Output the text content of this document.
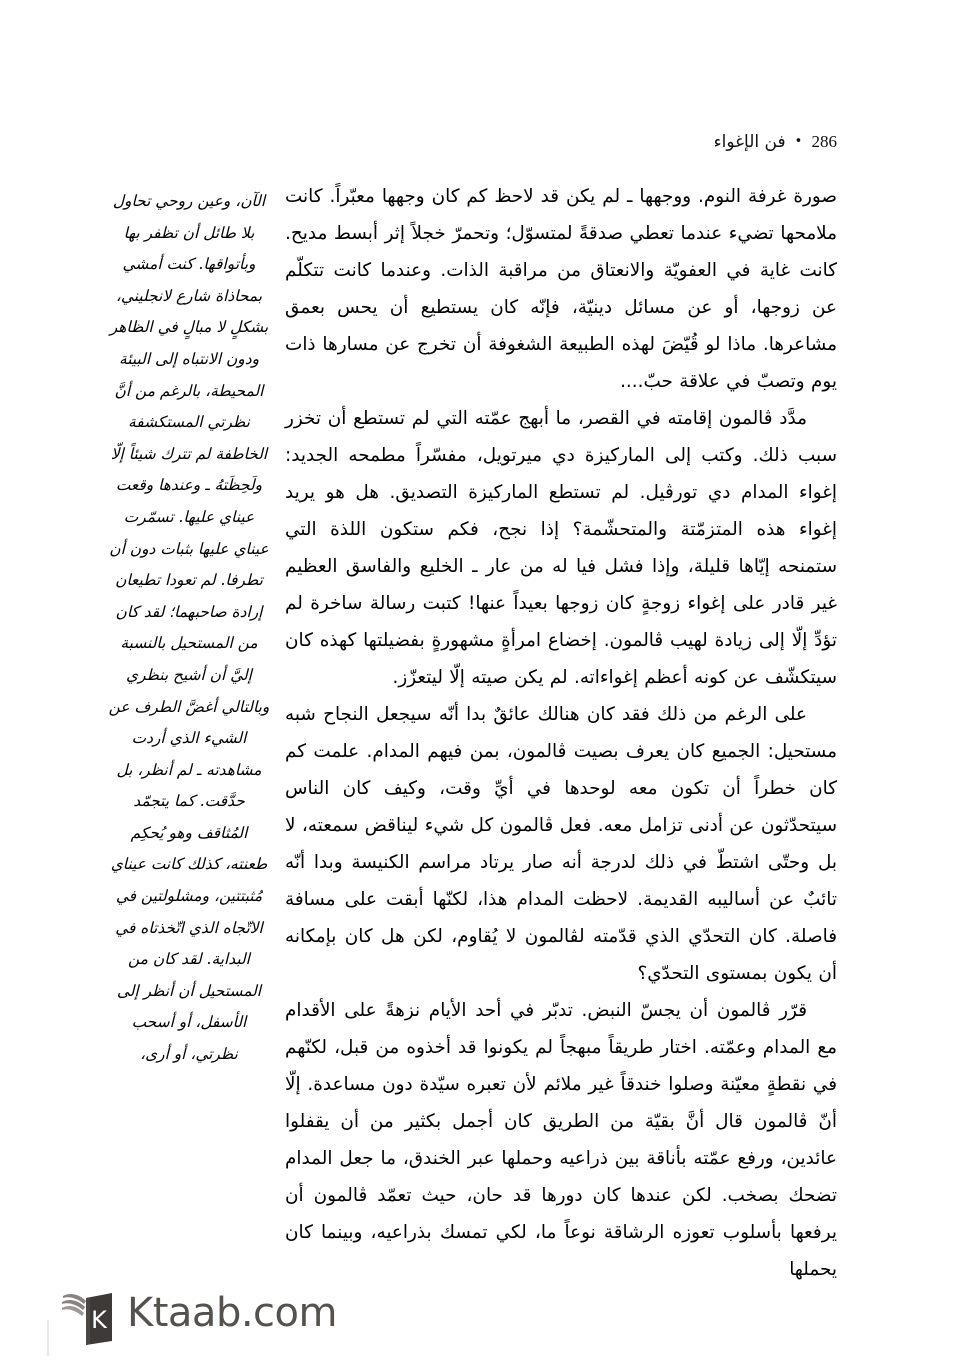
286•فن الإغواء

صورة غرفة النوم. ووجهها ـ لم يكن قد لاحظ كم كان وجهها معبّراً. كانت ملامحها تضيء عندما تعطي صدقةً لمتسوّل؛ وتحمرّ خجلاً إثر أبسط مديح. كانت غاية في العفويّة والانعتاق من مراقبة الذات. وعندما كانت تتكلّم عن زوجها، أو عن مسائل دينيّة، فإنّه كان يستطيع أن يحس بعمق مشاعرها. ماذا لو قُيّضَ لهذه الطبيعة الشغوفة أن تخرج عن مسارها ذات يوم وتصبّ في علاقة حبّ....

مدَّد ڤالمون إقامته في القصر، ما أبهج عمّته التي لم تستطع أن تخزر سبب ذلك. وكتب إلى الماركيزة دي ميرتويل، مفسّراً مطمحه الجديد: إغواء المدام دي تورڤيل. لم تستطع الماركيزة التصديق. هل هو يريد إغواء هذه المتزمّتة والمتحشّمة؟ إذا نجح، فكم ستكون اللذة التي ستمنحه إيّاها قليلة، وإذا فشل فيا له من عار ـ الخليع والفاسق العظيم غير قادر على إغواء زوجةٍ كان زوجها بعيداً عنها! كتبت رسالة ساخرة لم تؤدِّ إلّا إلى زيادة لهيب ڤالمون. إخضاع امرأةٍ مشهورةٍ بفضيلتها كهذه كان سيتكشّف عن كونه أعظم إغواءاته. لم يكن صيته إلّا ليتعزّز.

على الرغم من ذلك فقد كان هنالك عائقٌ بدا أنّه سيجعل النجاح شبه مستحيل: الجميع كان يعرف بصيت ڤالمون، بمن فيهم المدام. علمت كم كان خطراً أن تكون معه لوحدها في أيِّ وقت، وكيف كان الناس سيتحدّثون عن أدنى تزامل معه. فعل ڤالمون كل شيء ليناقض سمعته، لا بل وحتّى اشتطّ في ذلك لدرجة أنه صار يرتاد مراسم الكنيسة وبدا أنّه تائبٌ عن أساليبه القديمة. لاحظت المدام هذا، لكنّها أبقت على مسافة فاصلة. كان التحدّي الذي قدّمته لڤالمون لا يُقاوم، لكن هل كان بإمكانه أن يكون بمستوى التحدّي؟

قرّر ڤالمون أن يجسّ النبض. تدبّر في أحد الأيام نزهةً على الأقدام مع المدام وعمّته. اختار طريقاً مبهجاً لم يكونوا قد أخذوه من قبل، لكنّهم في نقطةٍ معيّنة وصلوا خندقاً غير ملائم لأن تعبره سيّدة دون مساعدة. إلّا أنّ ڤالمون قال أنَّ بقيّة من الطريق كان أجمل بكثير من أن يقفلوا عائدين، ورفع عمّته بأناقة بين ذراعيه وحملها عبر الخندق، ما جعل المدام تضحك بصخب. لكن عندها كان دورها قد حان، حيث تعمّد ڤالمون أن يرفعها بأسلوب تعوزه الرشاقة نوعاً ما، لكي تمسك بذراعيه، وبينما كان يحملها

الآن، وعين روحي تحاول بلا طائل أن تظفر بها وبأتواقها. كنت أمشي بمحاذاة شارع لانجليني، بشكلٍ لا مبالٍ في الظاهر ودون الانتباه إلى البيئة المحيطة، بالرغم من أنَّ نظرتي المستكشفة الخاطفة لم تترك شيئاً إلّا ولَحِظَتهُ ـ وعندها وقعت عيناي عليها. تسمّرت عيناي عليها بثبات دون أن تطرفا. لم تعودا تطيعان إرادة صاحبهما؛ لقد كان من المستحيل بالنسبة إليَّ أن أشيح بنظري وبالتالي أغضَّ الطرف عن الشيء الذي أردت مشاهدته ـ لم أنظر، بل حدَّقت. كما يتجمّد المُثاقف وهو يُحكِم طعنته، كذلك كانت عيناي مُثبتتين، ومشلولتين في الاتّجاه الذي اتّخذتاه في البداية. لقد كان من المستحيل أن أنظر إلى الأسفل، أو أسحب نظرتي، أو أرى،

K Ktaab.com
